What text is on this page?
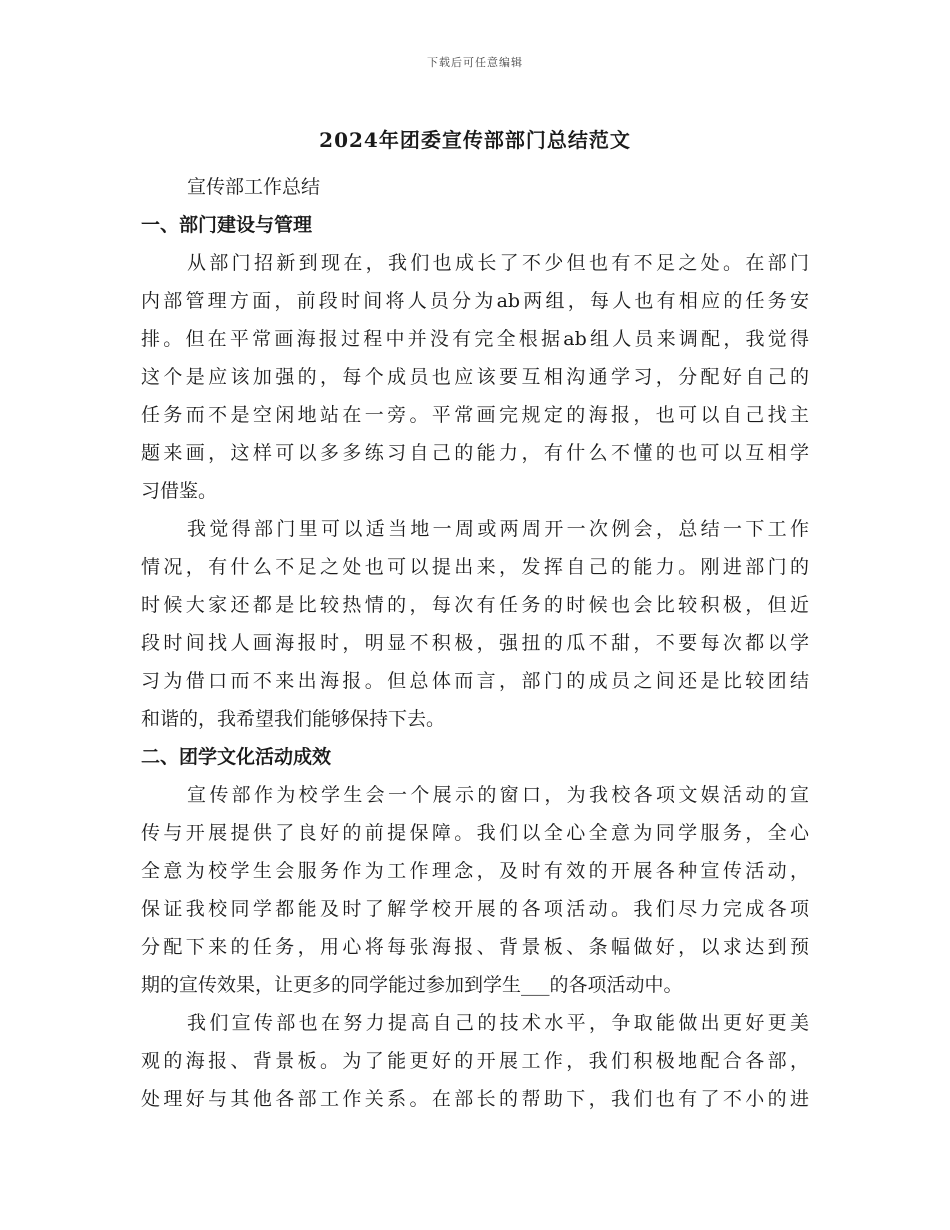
下载后可任意编辑
2024年团委宣传部部门总结范文
宣传部工作总结
一、部门建设与管理
从部门招新到现在，我们也成长了不少但也有不足之处。在部门
内部管理方面，前段时间将人员分为ab两组，每人也有相应的任务安
排。但在平常画海报过程中并没有完全根据ab组人员来调配，我觉得
这个是应该加强的，每个成员也应该要互相沟通学习，分配好自己的
任务而不是空闲地站在一旁。平常画完规定的海报，也可以自己找主
题来画，这样可以多多练习自己的能力，有什么不懂的也可以互相学
习借鉴。
我觉得部门里可以适当地一周或两周开一次例会，总结一下工作
情况，有什么不足之处也可以提出来，发挥自己的能力。刚进部门的
时候大家还都是比较热情的，每次有任务的时候也会比较积极，但近
段时间找人画海报时，明显不积极，强扭的瓜不甜，不要每次都以学
习为借口而不来出海报。但总体而言，部门的成员之间还是比较团结
和谐的，我希望我们能够保持下去。
二、团学文化活动成效
宣传部作为校学生会一个展示的窗口，为我校各项文娱活动的宣
传与开展提供了良好的前提保障。我们以全心全意为同学服务，全心
全意为校学生会服务作为工作理念，及时有效的开展各种宣传活动，
保证我校同学都能及时了解学校开展的各项活动。我们尽力完成各项
分配下来的任务，用心将每张海报、背景板、条幅做好，以求达到预
期的宣传效果，让更多的同学能过参加到学生___的各项活动中。
我们宣传部也在努力提高自己的技术水平，争取能做出更好更美
观的海报、背景板。为了能更好的开展工作，我们积极地配合各部，
处理好与其他各部工作关系。在部长的帮助下，我们也有了不小的进
